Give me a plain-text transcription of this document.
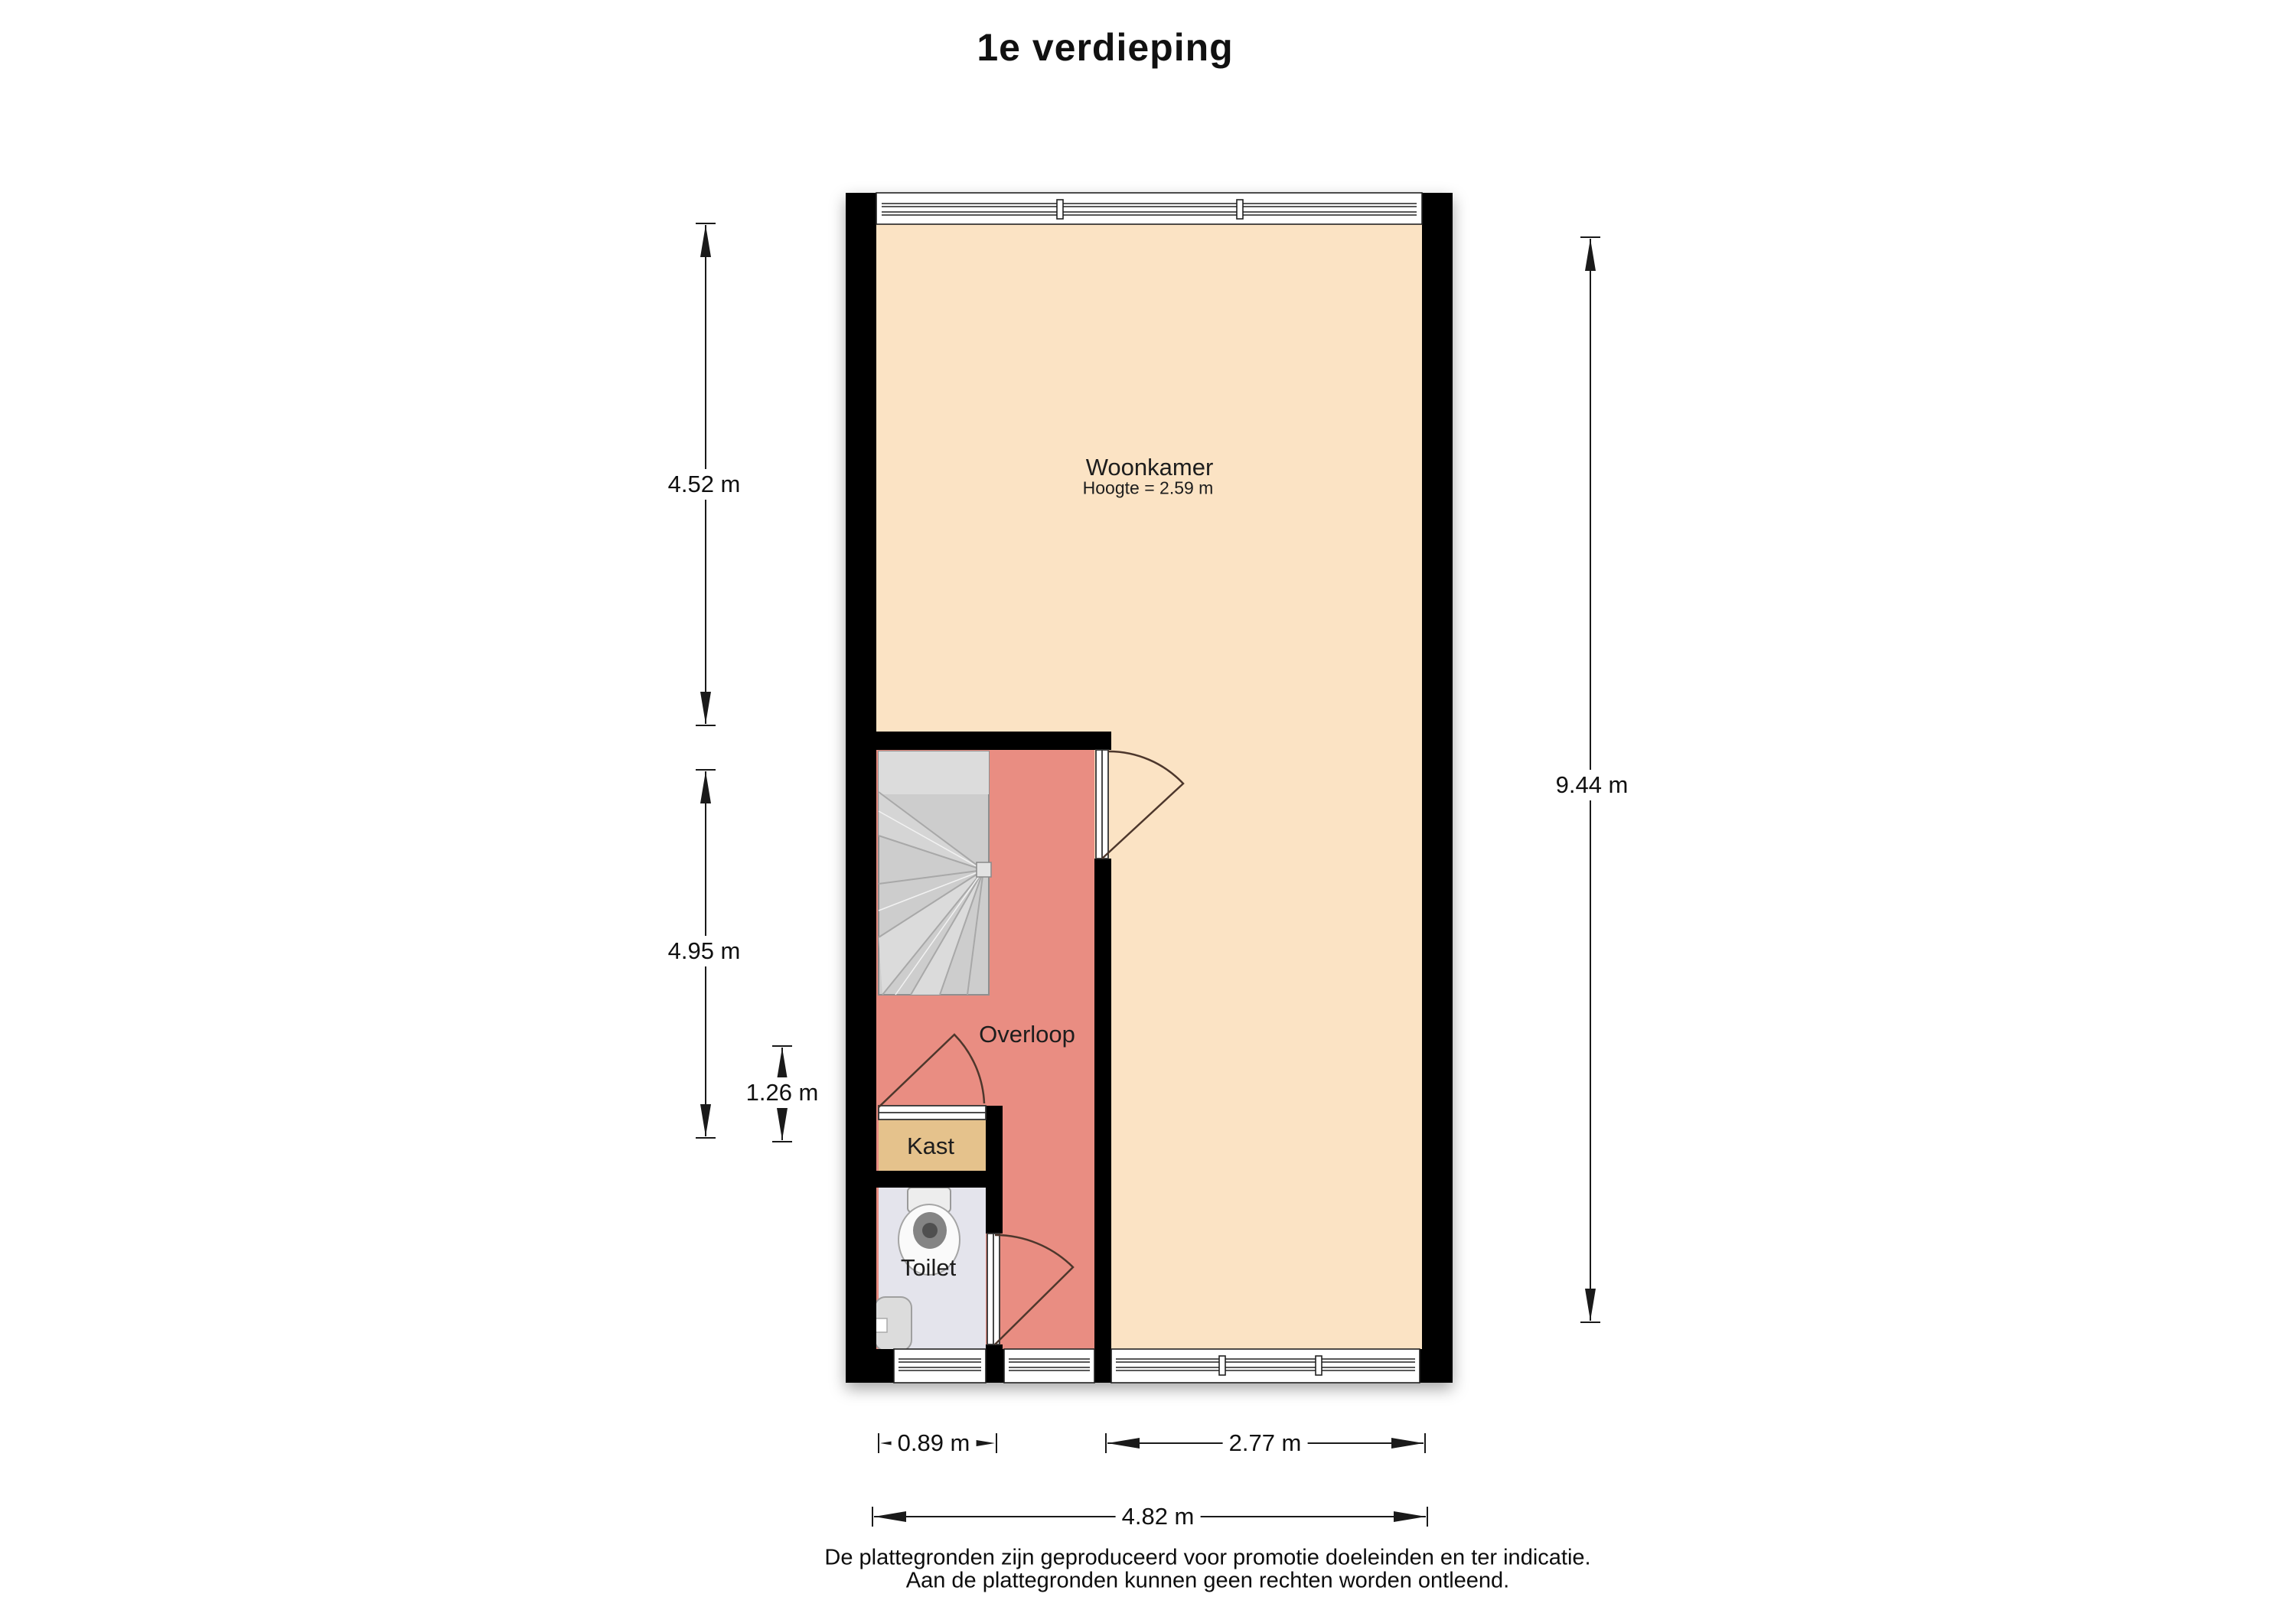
1e verdieping
Woonkamer
Hoogte = 2.59 m
Overloop
Kast
Toilet
4.52 m
4.95 m
1.26 m
9.44 m
0.89 m	2.77 m
4.82 m
De plattegronden zijn geproduceerd voor promotie doeleinden en ter indicatie.
Aan de plattegronden kunnen geen rechten worden ontleend.
